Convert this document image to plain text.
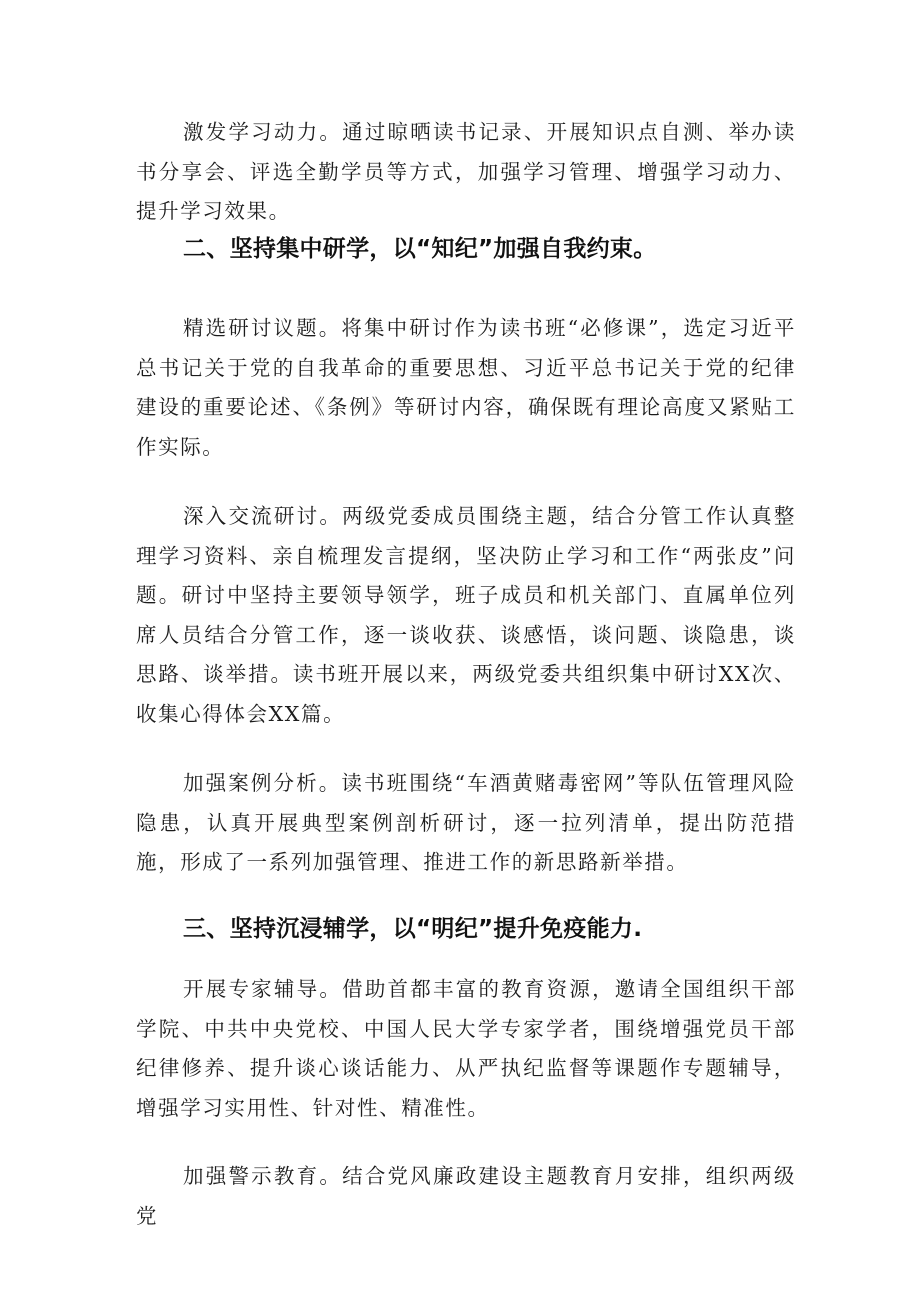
激发学习动力。通过晾晒读书记录、开展知识点自测、举办读书分享会、评选全勤学员等方式，加强学习管理、增强学习动力、提升学习效果。

二、坚持集中研学，以“知纪”加强自我约束。

精选研讨议题。将集中研讨作为读书班“必修课”，选定习近平总书记关于党的自我革命的重要思想、习近平总书记关于党的纪律建设的重要论述、《条例》等研讨内容，确保既有理论高度又紧贴工作实际。

深入交流研讨。两级党委成员围绕主题，结合分管工作认真整理学习资料、亲自梳理发言提纲，坚决防止学习和工作“两张皮”问题。研讨中坚持主要领导领学，班子成员和机关部门、直属单位列席人员结合分管工作，逐一谈收获、谈感悟，谈问题、谈隐患，谈思路、谈举措。读书班开展以来，两级党委共组织集中研讨XX次、收集心得体会XX篇。

加强案例分析。读书班围绕“车酒黄赌毒密网”等队伍管理风险隐患，认真开展典型案例剖析研讨，逐一拉列清单，提出防范措施，形成了一系列加强管理、推进工作的新思路新举措。

三、坚持沉浸辅学，以“明纪”提升免疫能力.

开展专家辅导。借助首都丰富的教育资源，邀请全国组织干部学院、中共中央党校、中国人民大学专家学者，围绕增强党员干部纪律修养、提升谈心谈话能力、从严执纪监督等课题作专题辅导，增强学习实用性、针对性、精准性。

加强警示教育。结合党风廉政建设主题教育月安排，组织两级党
